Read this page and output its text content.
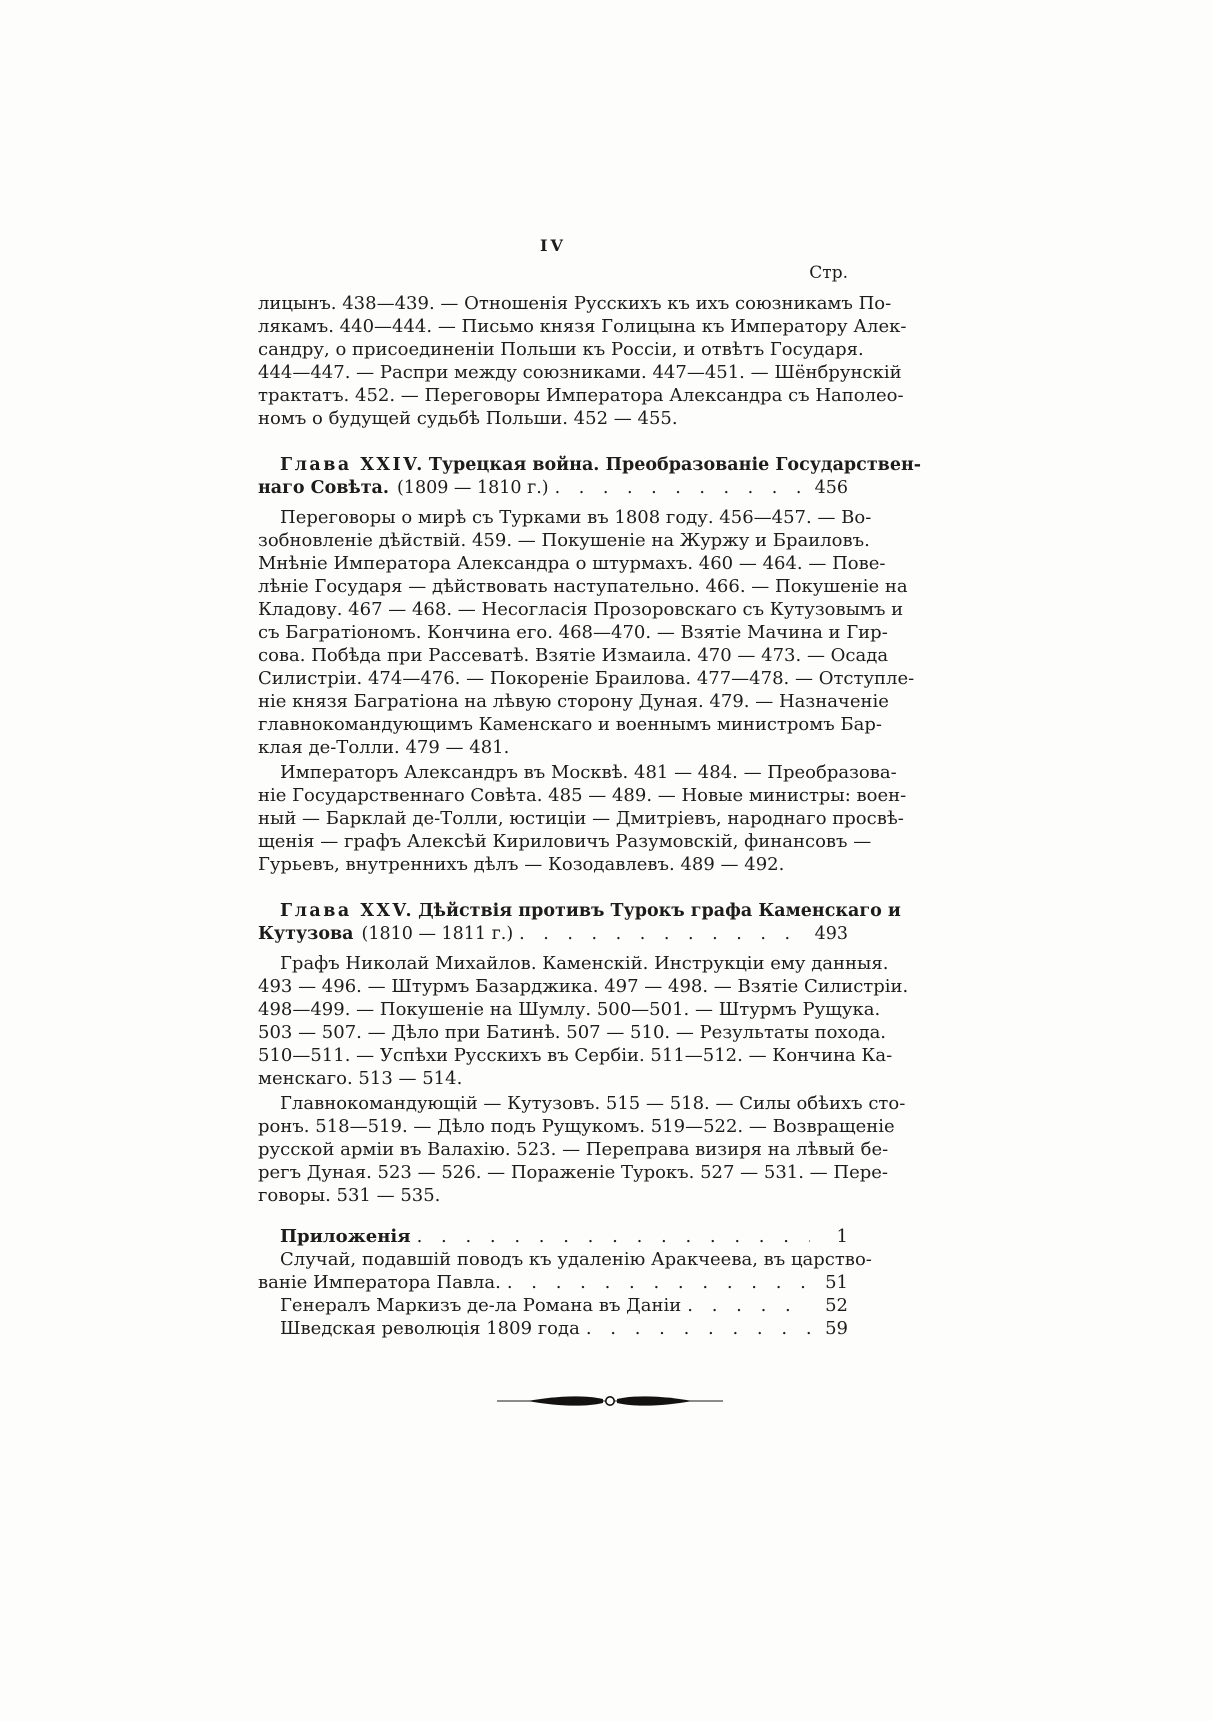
IV
Стр.
лицынъ. 438—439. — Отношенія Русскихъ къ ихъ союзникамъ По-
лякамъ. 440—444. — Письмо князя Голицына къ Императору Алек-
сандру, о присоединеніи Польши къ Россіи, и отвѣтъ Государя.
444—447. — Распри между союзниками. 447—451. — Шёнбрунскій
трактатъ. 452. — Переговоры Императора Александра съ Наполео-
номъ о будущей судьбѣ Польши. 452 — 455.
Глава XXIV. Турецкая война. Преобразованіе Государствен-
наго Совѣта. (1809 — 1810 г.) . . .	456
Переговоры о мирѣ съ Турками въ 1808 году. 456—457. — Во-
зобновленіе дѣйствій. 459. — Покушеніе на Журжу и Браиловъ.
Мнѣніе Императора Александра о штурмахъ. 460 — 464. — Пове-
лѣніе Государя — дѣйствовать наступательно. 466. — Покушеніе на
Кладову. 467 — 468. — Несогласія Прозоровскаго съ Кутузовымъ и
съ Багратіономъ. Кончина его. 468—470. — Взятіе Мачина и Гир-
сова. Побѣда при Рассеватѣ. Взятіе Измаила. 470 — 473. — Осада
Силистріи. 474—476. — Покореніе Браилова. 477—478. — Отступле-
ніе князя Багратіона на лѣвую сторону Дуная. 479. — Назначеніе
главнокомандующимъ Каменскаго и военнымъ министромъ Бар-
клая де-Толли. 479 — 481.
Императоръ Александръ въ Москвѣ. 481 — 484. — Преобразова-
ніе Государственнаго Совѣта. 485 — 489. — Новые министры: воен-
ный — Барклай де-Толли, юстиціи — Дмитріевъ, народнаго просвѣ-
щенія — графъ Алексѣй Кириловичъ Разумовскій, финансовъ —
Гурьевъ, внутреннихъ дѣлъ — Козодавлевъ. 489 — 492.
Глава XXV. Дѣйствія противъ Турокъ графа Каменскаго и
Кутузова (1810 — 1811 г.) . . .	493
Графъ Николай Михайлов. Каменскій. Инструкціи ему данныя.
493 — 496. — Штурмъ Базарджика. 497 — 498. — Взятіе Силистріи.
498—499. — Покушеніе на Шумлу. 500—501. — Штурмъ Рущука.
503 — 507. — Дѣло при Батинѣ. 507 — 510. — Результаты похода.
510—511. — Успѣхи Русскихъ въ Сербіи. 511—512. — Кончина Ка-
менскаго. 513 — 514.
Главнокомандующій — Кутузовъ. 515 — 518. — Силы обѣихъ сто-
ронъ. 518—519. — Дѣло подъ Рущукомъ. 519—522. — Возвращеніе
русской арміи въ Валахію. 523. — Переправа визиря на лѣвый бе-
регъ Дуная. 523 — 526. — Пораженіе Турокъ. 527 — 531. — Пере-
говоры. 531 — 535.
Приложенія . . .	1
Случай, подавшій поводъ къ удаленію Аракчеева, въ царство-
ваніе Императора Павла. . . .	51
Генералъ Маркизъ де-ла Романа въ Даніи . . .	52
Шведская революція 1809 года . . .	59
